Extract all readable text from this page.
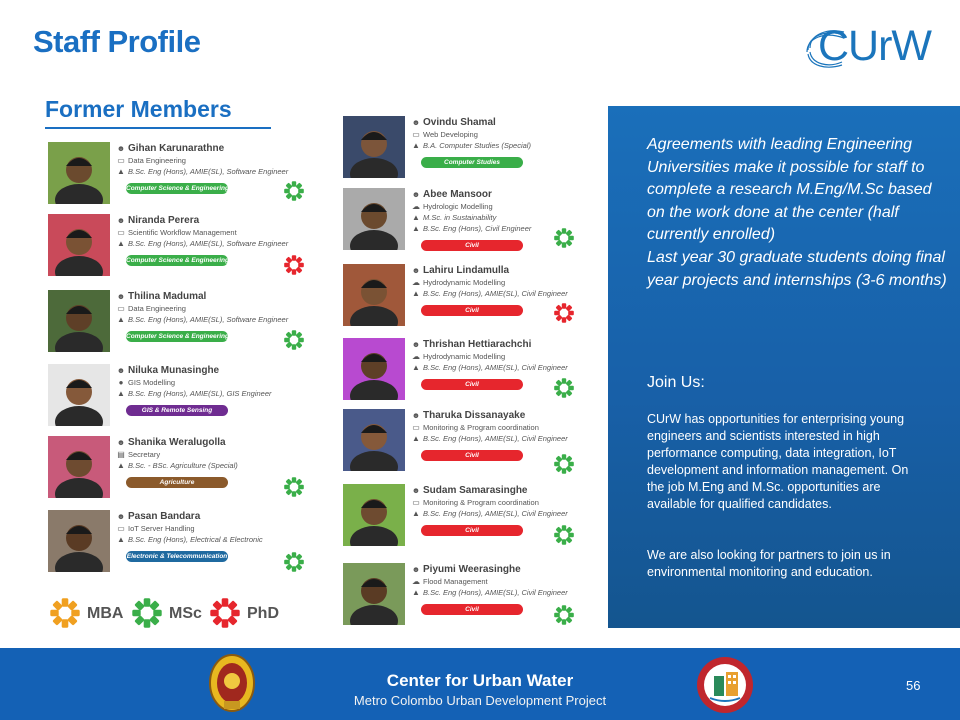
Staff Profile	CUrW
Former Members
☻ Gihan Karunarathne
▭ Data Engineering
▲ B.Sc. Eng (Hons), AMIE(SL), Software Engineer
Computer Science & Engineering
☻ Niranda Perera
▭ Scientific Workflow Management
▲ B.Sc. Eng (Hons), AMIE(SL), Software Engineer
Computer Science & Engineering
☻ Thilina Madumal
▭ Data Engineering
▲ B.Sc. Eng (Hons), AMIE(SL), Software Engineer
Computer Science & Engineering
☻ Niluka Munasinghe
● GIS Modelling
▲ B.Sc. Eng (Hons), AMIE(SL), GIS Engineer
GIS & Remote Sensing
☻ Shanika Weralugolla
▤ Secretary
▲ B.Sc. - BSc. Agriculture (Special)
Agriculture
☻ Pasan Bandara
▭ IoT Server Handling
▲ B.Sc. Eng (Hons), Electrical & Electronic
Electronic & Telecommunication
☻ Ovindu Shamal
▭ Web Developing
▲ B.A. Computer Studies (Special)
Computer Studies
☻ Abee Mansoor
☁ Hydrologic Modelling
▲ M.Sc. in Sustainability
▲ B.Sc. Eng (Hons), Civil Engineer
Civil
☻ Lahiru Lindamulla
☁ Hydrodynamic Modelling
▲ B.Sc. Eng (Hons), AMIE(SL), Civil Engineer
Civil
☻ Thrishan Hettiarachchi
☁ Hydrodynamic Modelling
▲ B.Sc. Eng (Hons), AMIE(SL), Civil Engineer
Civil
☻ Tharuka Dissanayake
▭ Monitoring & Program coordination
▲ B.Sc. Eng (Hons), AMIE(SL), Civil Engineer
Civil
☻ Sudam Samarasinghe
▭ Monitoring & Program coordination
▲ B.Sc. Eng (Hons), AMIE(SL), Civil Engineer
Civil
☻ Piyumi Weerasinghe
☁ Flood Management
▲ B.Sc. Eng (Hons), AMIE(SL), Civil Engineer
Civil
MBA	MSc	PhD
Agreements with leading Engineering Universities make it possible for staff to complete a research M.Eng/M.Sc based on the work done at the center (half currently enrolled)
Last year 30 graduate students doing final year projects and internships (3-6 months)
Join Us:
CUrW has opportunities for enterprising young engineers and scientists interested in high performance computing, data integration, IoT development and information management. On the job M.Eng and M.Sc. opportunities are available for qualified candidates.
We are also looking for partners to join us in environmental monitoring and education.
Center for Urban Water
Metro Colombo Urban Development Project
56
